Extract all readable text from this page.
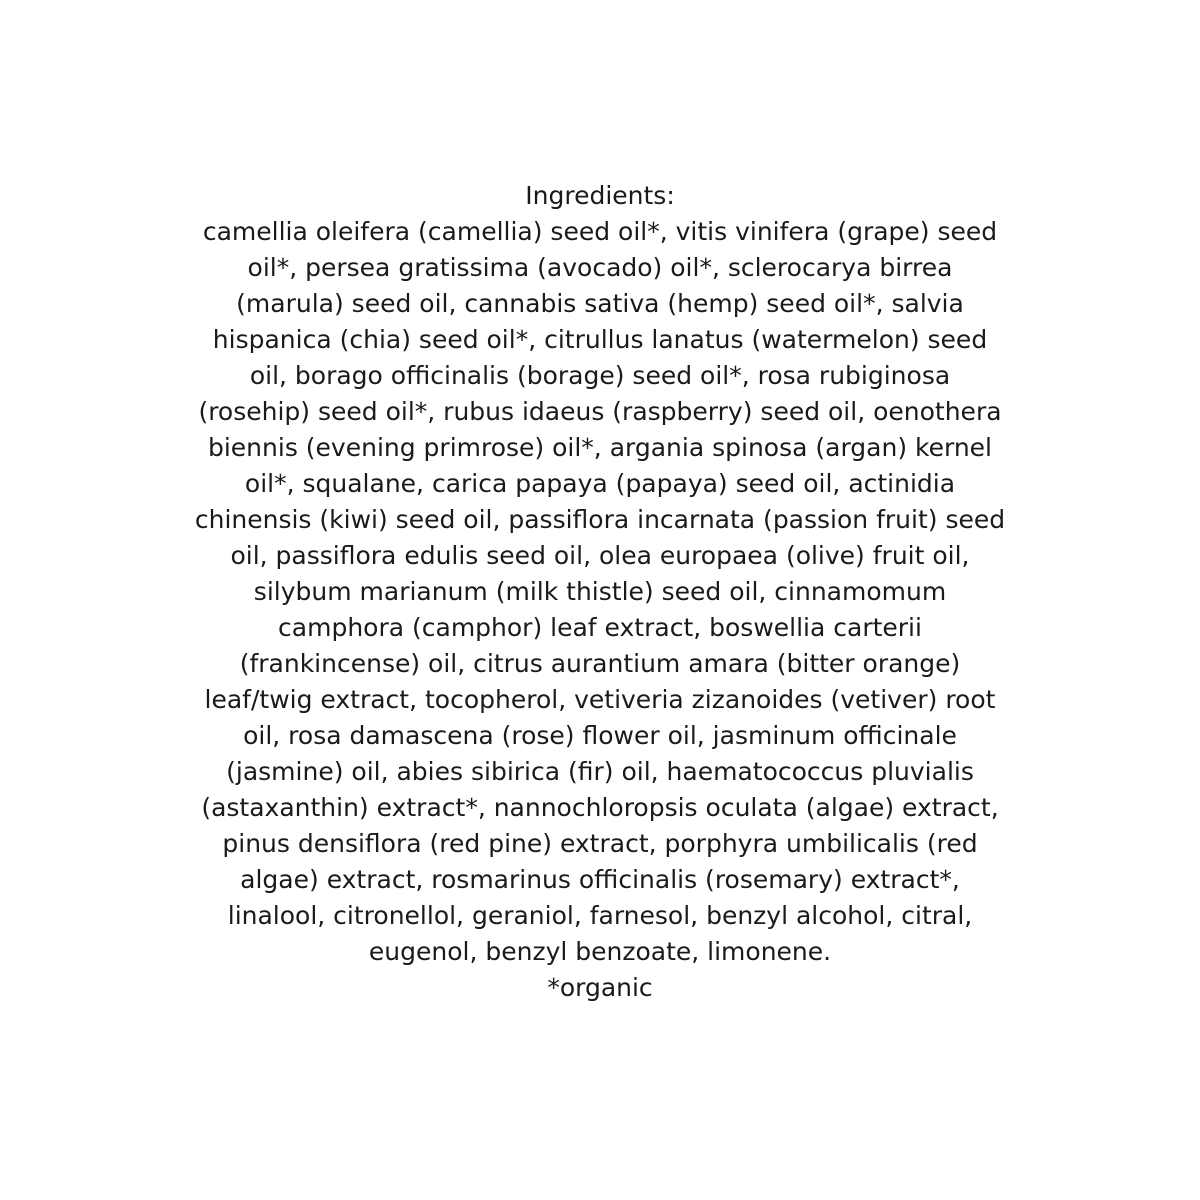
Ingredients:
camellia oleifera (camellia) seed oil*, vitis vinifera (grape) seed
oil*, persea gratissima (avocado) oil*, sclerocarya birrea
(marula) seed oil, cannabis sativa (hemp) seed oil*, salvia
hispanica (chia) seed oil*, citrullus lanatus (watermelon) seed
oil, borago officinalis (borage) seed oil*, rosa rubiginosa
(rosehip) seed oil*, rubus idaeus (raspberry) seed oil, oenothera
biennis (evening primrose) oil*, argania spinosa (argan) kernel
oil*, squalane, carica papaya (papaya) seed oil, actinidia
chinensis (kiwi) seed oil, passiflora incarnata (passion fruit) seed
oil, passiflora edulis seed oil, olea europaea (olive) fruit oil,
silybum marianum (milk thistle) seed oil, cinnamomum
camphora (camphor) leaf extract, boswellia carterii
(frankincense) oil, citrus aurantium amara (bitter orange)
leaf/twig extract, tocopherol, vetiveria zizanoides (vetiver) root
oil, rosa damascena (rose) flower oil, jasminum officinale
(jasmine) oil, abies sibirica (fir) oil, haematococcus pluvialis
(astaxanthin) extract*, nannochloropsis oculata (algae) extract,
pinus densiflora (red pine) extract, porphyra umbilicalis (red
algae) extract, rosmarinus officinalis (rosemary) extract*,
linalool, citronellol, geraniol, farnesol, benzyl alcohol, citral,
eugenol, benzyl benzoate, limonene.
*organic
